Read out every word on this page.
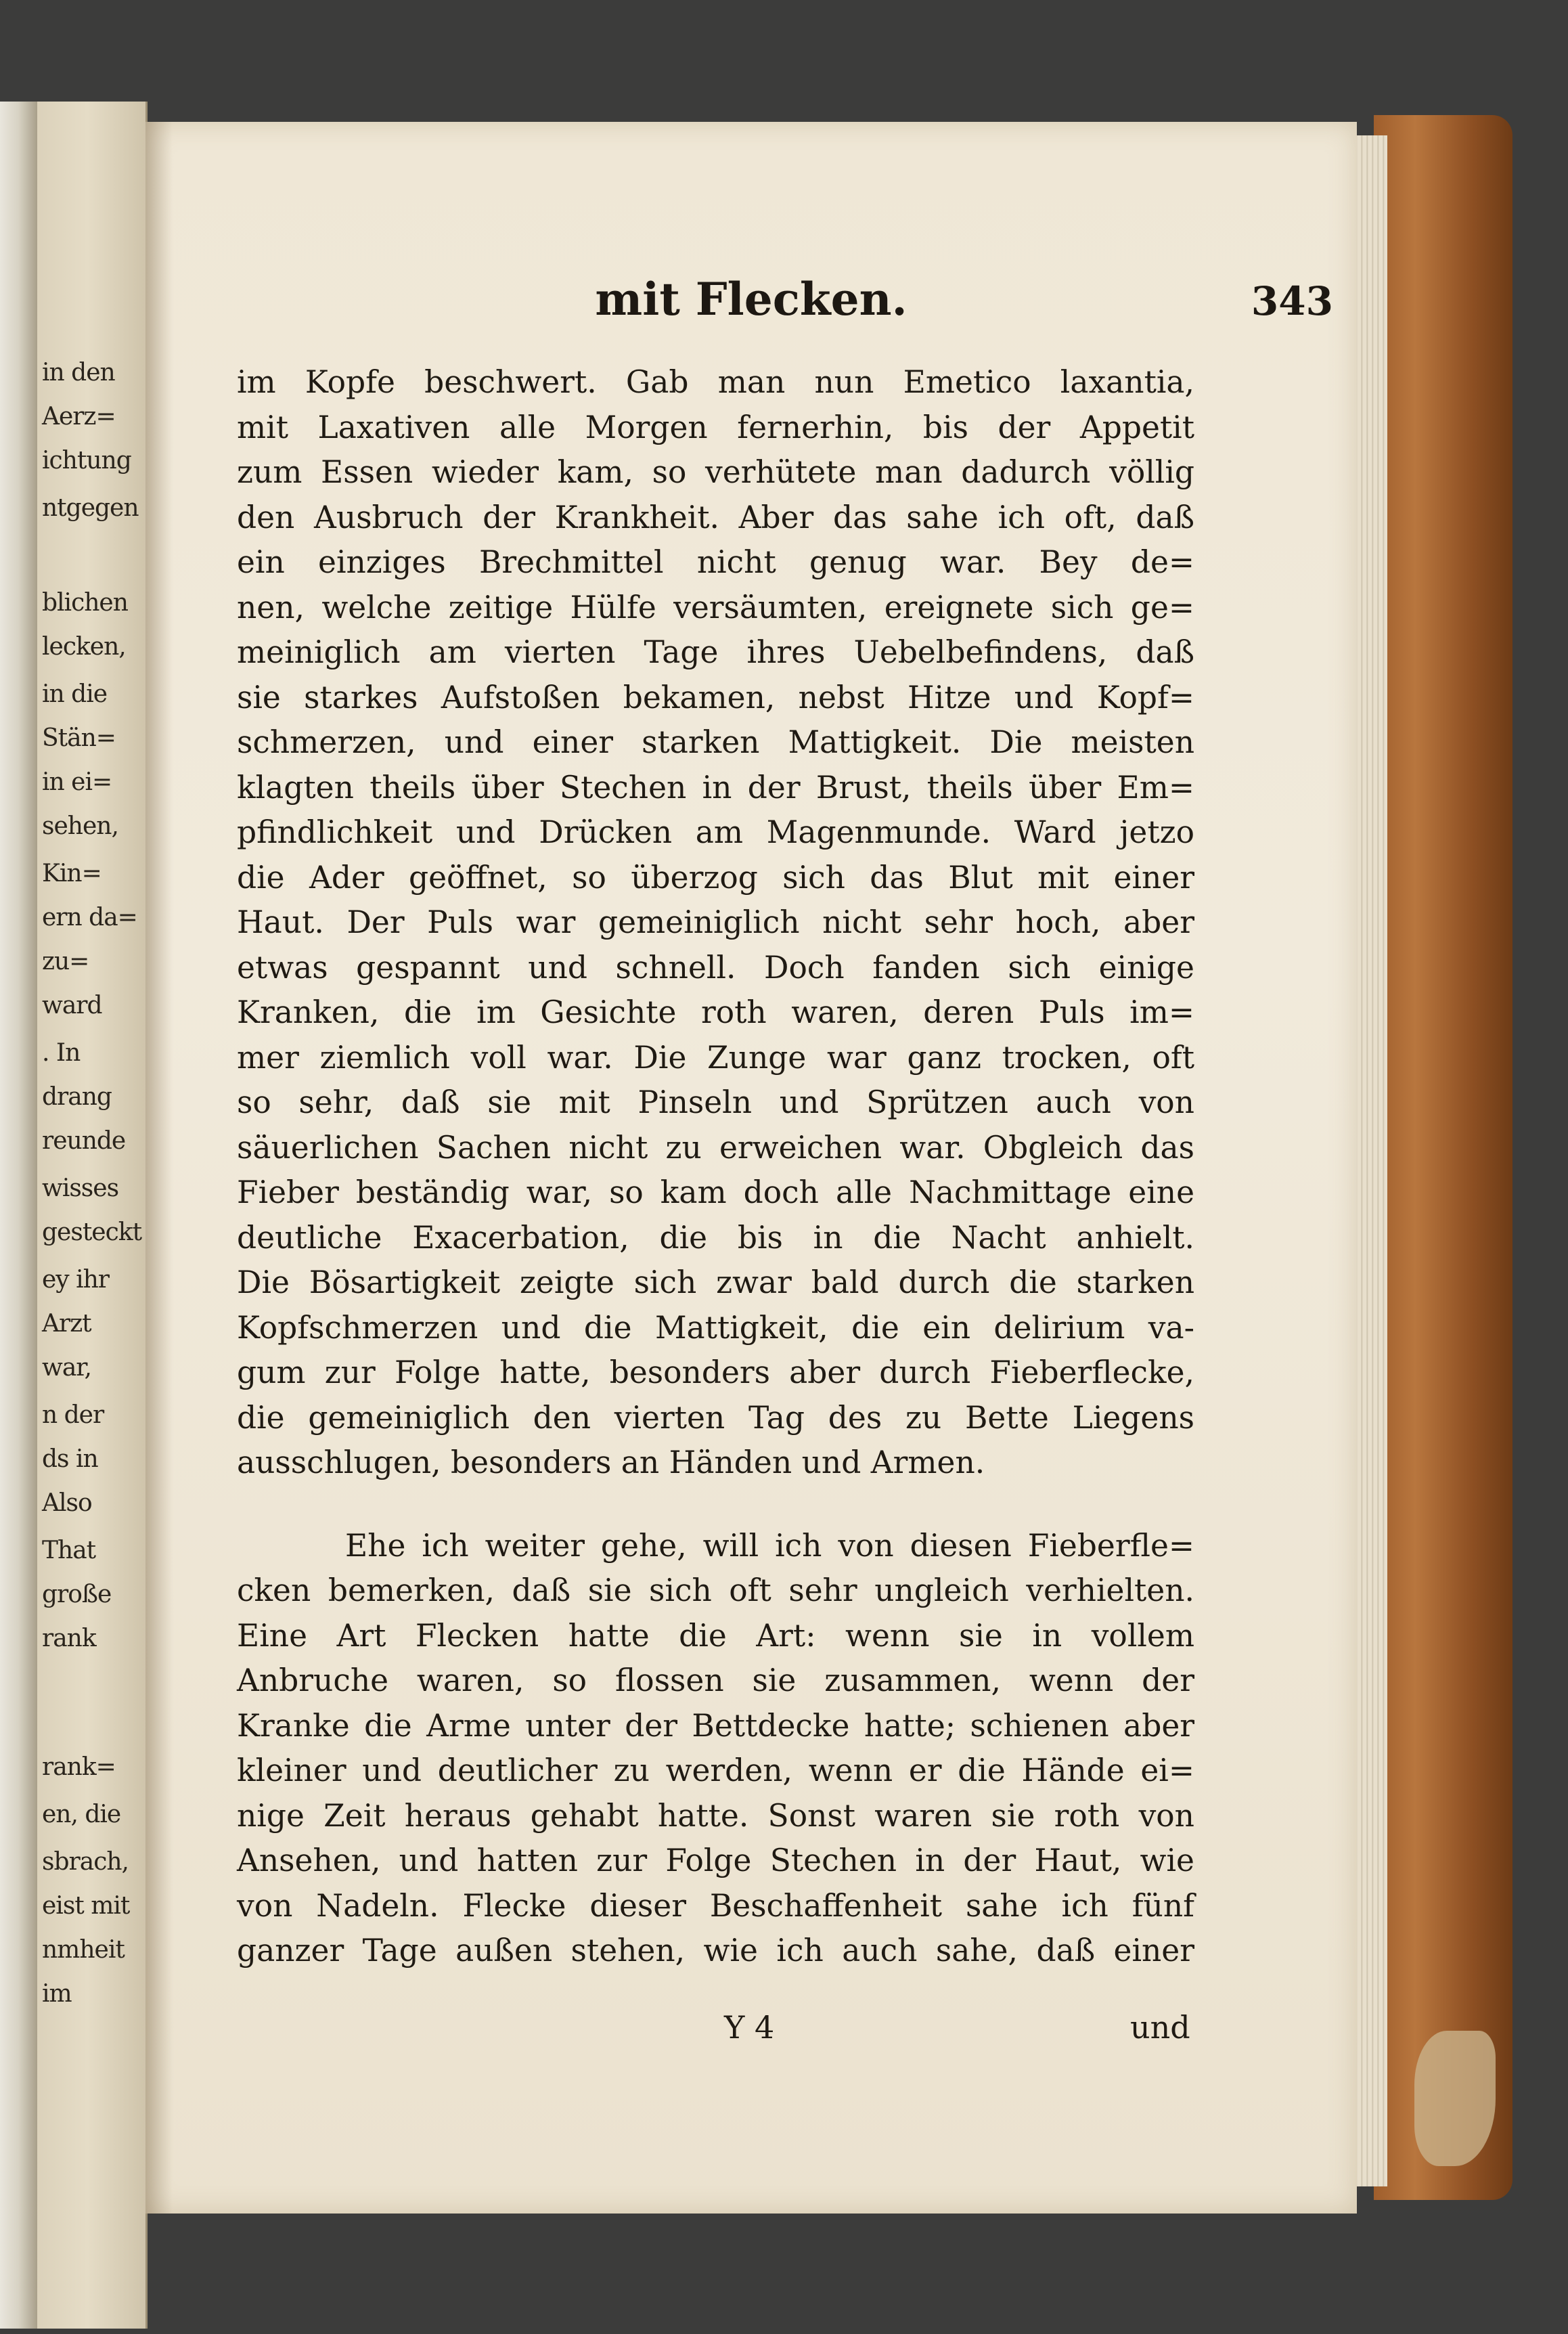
in den
Aerz=
ichtung
ntgegen
blichen
lecken,
in die
Stän=
in ei=
sehen,
Kin=
ern da=
zu=
ward
. In
drang
reunde
wisses
gesteckt
ey ihr
Arzt
war,
n der
ds in
Also
That
große
rank
rank=
en, die
sbrach,
eist mit
nmheit
im
mit Flecken.	343
im Kopfe beschwert. Gab man nun Emetico laxantia,
mit Laxativen alle Morgen fernerhin, bis der Appetit
zum Essen wieder kam, so verhütete man dadurch völlig
den Ausbruch der Krankheit. Aber das sahe ich oft, daß
ein einziges Brechmittel nicht genug war. Bey de=
nen, welche zeitige Hülfe versäumten, ereignete sich ge=
meiniglich am vierten Tage ihres Uebelbefindens, daß
sie starkes Aufstoßen bekamen, nebst Hitze und Kopf=
schmerzen, und einer starken Mattigkeit. Die meisten
klagten theils über Stechen in der Brust, theils über Em=
pfindlichkeit und Drücken am Magenmunde. Ward jetzo
die Ader geöffnet, so überzog sich das Blut mit einer
Haut. Der Puls war gemeiniglich nicht sehr hoch, aber
etwas gespannt und schnell. Doch fanden sich einige
Kranken, die im Gesichte roth waren, deren Puls im=
mer ziemlich voll war. Die Zunge war ganz trocken, oft
so sehr, daß sie mit Pinseln und Sprützen auch von
säuerlichen Sachen nicht zu erweichen war. Obgleich das
Fieber beständig war, so kam doch alle Nachmittage eine
deutliche Exacerbation, die bis in die Nacht anhielt.
Die Bösartigkeit zeigte sich zwar bald durch die starken
Kopfschmerzen und die Mattigkeit, die ein delirium va-
gum zur Folge hatte, besonders aber durch Fieberflecke,
die gemeiniglich den vierten Tag des zu Bette Liegens
ausschlugen, besonders an Händen und Armen.
Ehe ich weiter gehe, will ich von diesen Fieberfle=
cken bemerken, daß sie sich oft sehr ungleich verhielten.
Eine Art Flecken hatte die Art: wenn sie in vollem
Anbruche waren, so flossen sie zusammen, wenn der
Kranke die Arme unter der Bettdecke hatte; schienen aber
kleiner und deutlicher zu werden, wenn er die Hände ei=
nige Zeit heraus gehabt hatte. Sonst waren sie roth von
Ansehen, und hatten zur Folge Stechen in der Haut, wie
von Nadeln. Flecke dieser Beschaffenheit sahe ich fünf
ganzer Tage außen stehen, wie ich auch sahe, daß einer
Y 4	und
